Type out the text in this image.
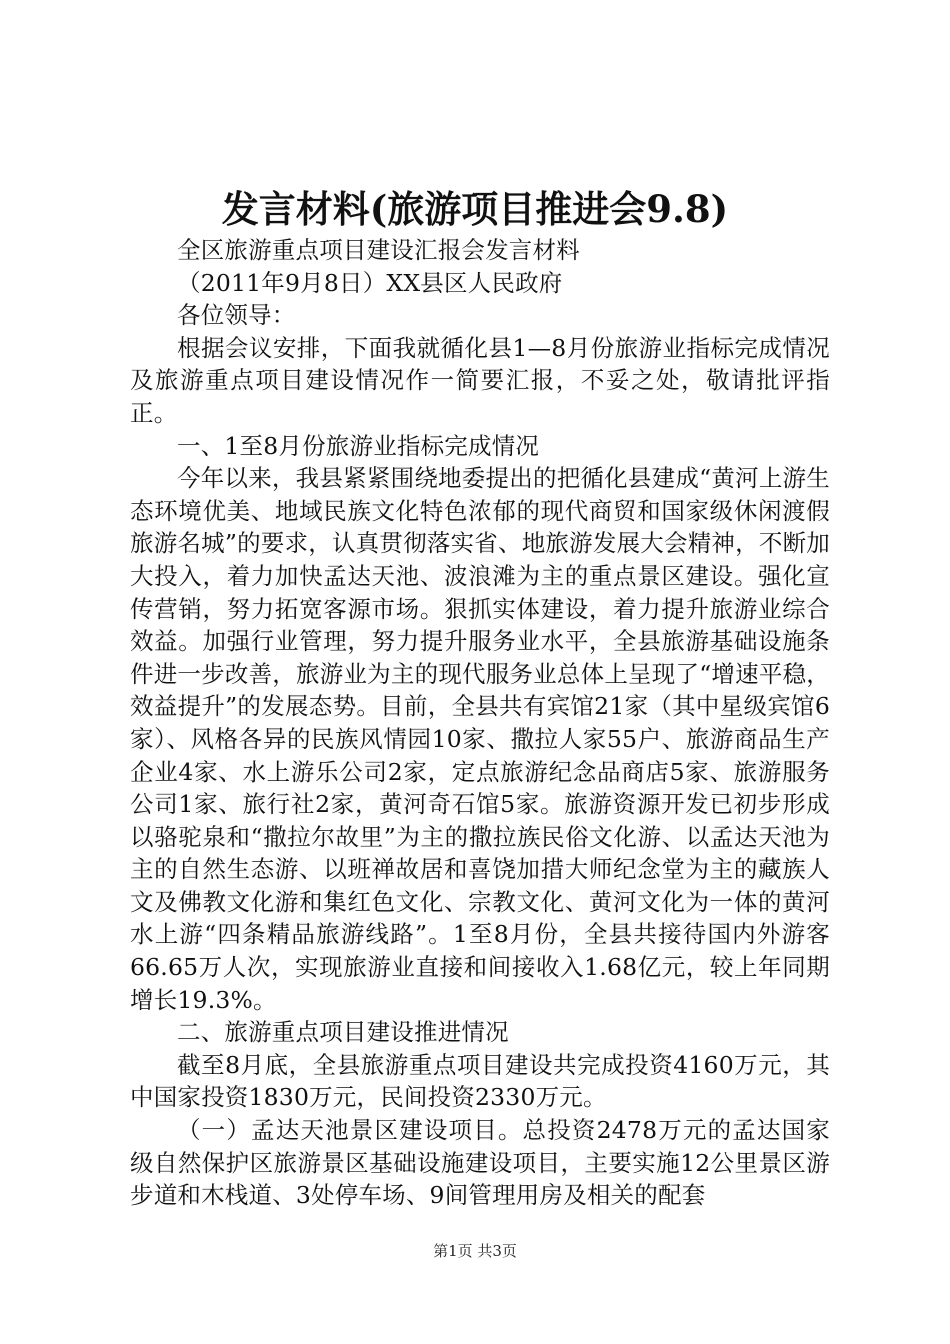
发言材料(旅游项目推进会9.8)

全区旅游重点项目建设汇报会发言材料

（2011年9月8日）XX县区人民政府

各位领导：

根据会议安排，下面我就循化县1—8月份旅游业指标完成情况及旅游重点项目建设情况作一简要汇报，不妥之处，敬请批评指正。

一、1至8月份旅游业指标完成情况

今年以来，我县紧紧围绕地委提出的把循化县建成“黄河上游生态环境优美、地域民族文化特色浓郁的现代商贸和国家级休闲渡假旅游名城”的要求，认真贯彻落实省、地旅游发展大会精神，不断加大投入，着力加快孟达天池、波浪滩为主的重点景区建设。强化宣传营销，努力拓宽客源市场。狠抓实体建设，着力提升旅游业综合效益。加强行业管理，努力提升服务业水平，全县旅游基础设施条件进一步改善，旅游业为主的现代服务业总体上呈现了“增速平稳，效益提升”的发展态势。目前，全县共有宾馆21家（其中星级宾馆6家）、风格各异的民族风情园10家、撒拉人家55户、旅游商品生产企业4家、水上游乐公司2家，定点旅游纪念品商店5家、旅游服务公司1家、旅行社2家，黄河奇石馆5家。旅游资源开发已初步形成以骆驼泉和“撒拉尔故里”为主的撒拉族民俗文化游、以孟达天池为主的自然生态游、以班禅故居和喜饶加措大师纪念堂为主的藏族人文及佛教文化游和集红色文化、宗教文化、黄河文化为一体的黄河水上游“四条精品旅游线路”。1至8月份，全县共接待国内外游客66.65万人次，实现旅游业直接和间接收入1.68亿元，较上年同期增长19.3%。

二、旅游重点项目建设推进情况

截至8月底，全县旅游重点项目建设共完成投资4160万元，其中国家投资1830万元，民间投资2330万元。

（一）孟达天池景区建设项目。总投资2478万元的孟达国家级自然保护区旅游景区基础设施建设项目，主要实施12公里景区游步道和木栈道、3处停车场、9间管理用房及相关的配套

第1页 共3页
